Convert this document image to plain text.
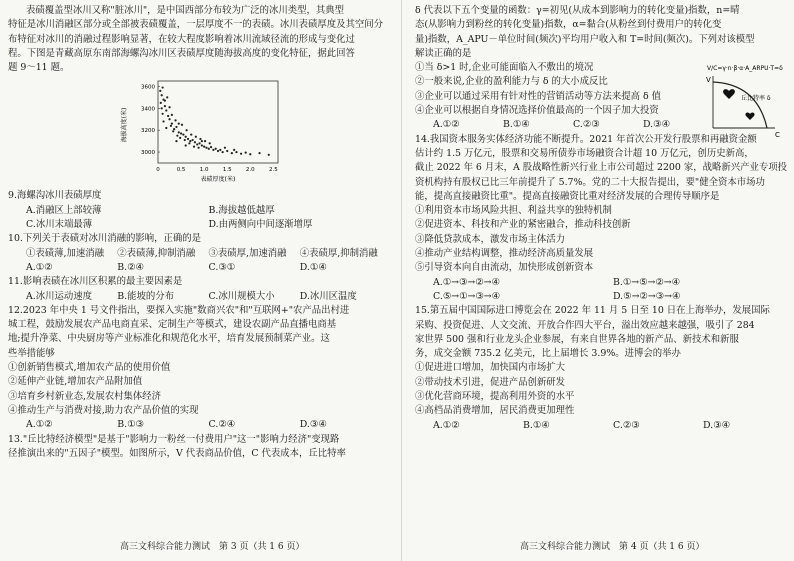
表碛覆盖型冰川又称"脏冰川"，是中国西部分布较为广泛的冰川类型，其典型
特征是冰川消融区部分或全部被表碛覆盖，一层厚度不一的表碛。冰川表碛厚度及其空间分
布特征对冰川的消融过程影响显著，在较大程度影响着冰川流域径流的形成与变化过
程。下图是青藏高原东南部海螺沟冰川区表碛厚度随海拔高度的变化特征，据此回答
题 9～11 题。
海拔高度(米)
表碛厚度(米)
3600
3400
3200
3000
0	0.5	1.0	1.5	2.0	2.5
9.海螺沟冰川表碛厚度
A.消融区上部较薄	B.海拔越低越厚
C.冰川末端最薄	D.由两侧向中间逐渐增厚
10.下列关于表碛对冰川消融的影响，正确的是
①表碛薄,加速消融	②表碛薄,抑制消融	③表碛厚,加速消融	④表碛厚,抑制消融
A.①②	B.②④	C.③①	D.①④
11.影响表碛在冰川区积累的最主要因素是
A.冰川运动速度	B.能坡的分布	C.冰川规模大小	D.冰川区温度
12.2023 年中央 1 号文件指出，要探入实施"数商兴农"和"互联网+"农产品出村进
城工程，鼓励发展农产品电商直采、定制生产等模式，建设农副产品直播电商基
地;提升净菜、中央厨房等产业标准化和规范化水平，培育发展预制菜产业。这
些举措能够
①创新销售模式,增加农产品的使用价值
②延伸产业链,增加农产品附加值
③培育乡村新业态,发展农村集体经济
④推动生产与消费对接,助力农产品价值的实现
A.①②	B.①③	C.②④	D.③④
13."丘比特经济模型"是基于"影响力一粉丝一付费用户"这一"影响力经济"变现路
径推演出来的"五因子"模型。如图所示，V 代表商品价值，C 代表成本，丘比特率
高三文科综合能力测试　第 3 页（共 1 6 页）
δ 代表以下五个变量的函数：γ=初见(从成本到影响力的转化变量)指数，n=晴
态(从影响力到粉丝的转化变量)指数，α=黏合(从粉丝到付费用户的转化变
量)指数，A_APU－单位时间(频次)平均用户收入和 T=时间(频次)。下列对该模型
解读正确的是
①当 δ>1 时,企业可能面临入不敷出的境况
②一般来说,企业的盈利能力与 δ 的大小成反比
③企业可以通过采用有针对性的营销活动等方法来提高 δ 值
④企业可以根据自身情况选择价值最高的一个因子加大投资
A.①②	B.①④	C.②③	D.③④
14.我国资本服务实体经济功能不断提升。2021 年首次公开发行股票和再融资金额
估计约 1.5 万亿元，股票和交易所债券市场融资合计超 10 万亿元，创历史新高，
截止 2022 年 6 月末，A 股战略性新兴行业上市公司超过 2200 家，战略新兴产业专项投
资机构持有股权已比三年前提升了 5.7%。党的二十大报告提出，要"健全资本市场功
能，提高直接融资比重"。提高直接融资比重对经济发展的合理传导顺序是
①利用资本市场风险共担、利益共享的独特机制
②促进资本、科技和产业的紧密融合，推动科技创新
③降低贷款成本，激发市场主体活力
④推动产业结构调整，推动经济高质量发展
⑤引导资本向自由流动，加快形成创新资本
A.①→③→②→④	B.①→⑤→②→④
C.⑤→①→③→④	D.⑤→②→③→④
15.第五届中国国际进口博览会在 2022 年 11 月 5 日至 10 日在上海举办，发展国际
采购、投资促进、人文交流、开放合作四大平台，溢出效应越来越强，吸引了 284
家世界 500 强和行业龙头企业参展，有来自世界各地的新产品、新技术和新服
务，成交金额 735.2 亿美元，比上届增长 3.9%。进博会的举办
①促进进口增加，加快国内市场扩大
②带动技术引进，促进产品创新研发
③优化营商环境，提高利用外资的水平
④高档品消费增加，居民消费更加理性
A.①②	B.①④	C.②③	D.③④
V/C=γ·n·β·α·A_ARPU·T=δ
V
C
丘比特率 δ
高三文科综合能力测试　第 4 页（共 1 6 页）
